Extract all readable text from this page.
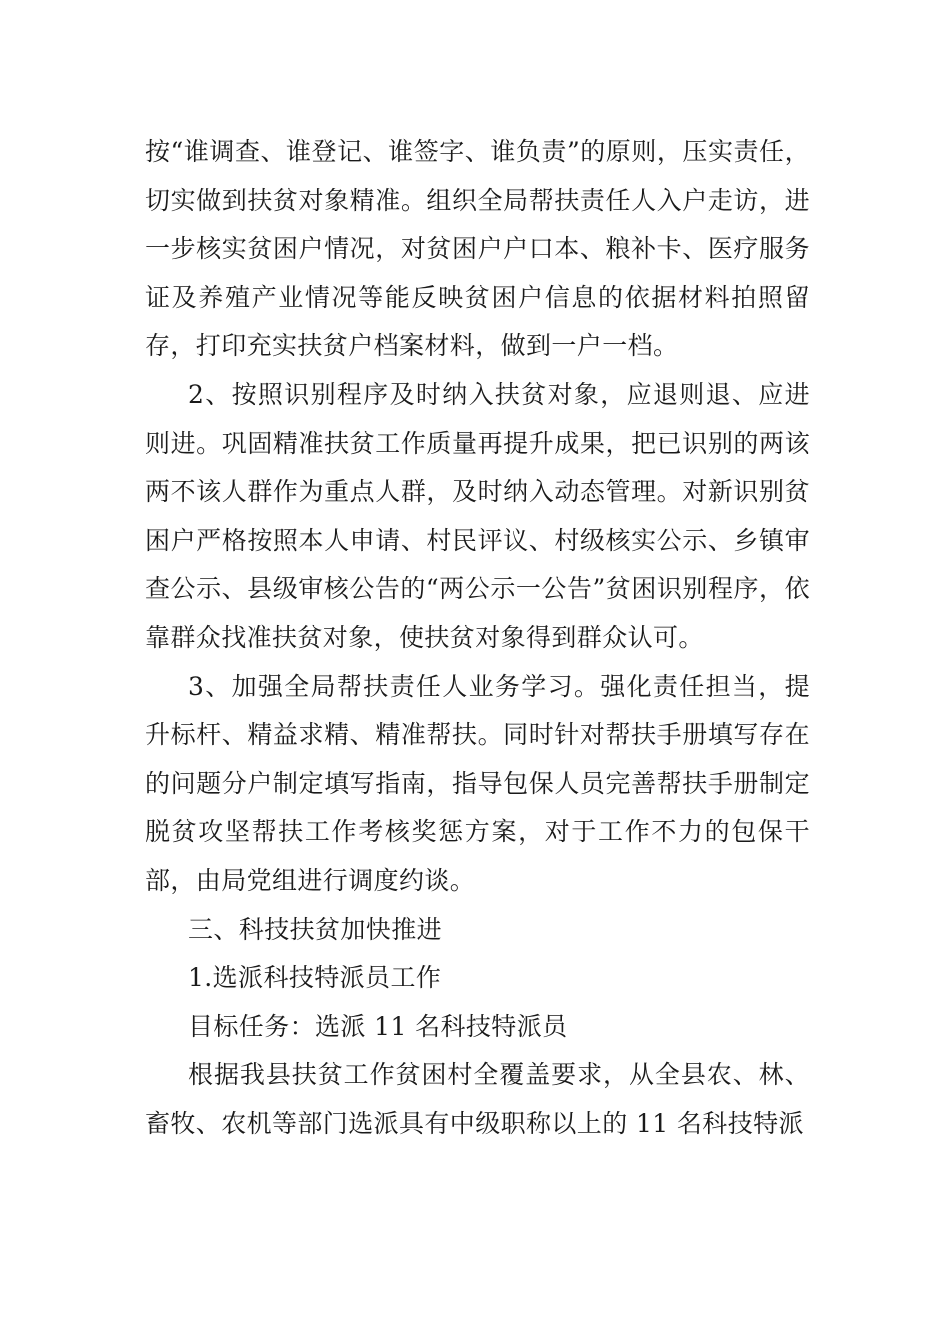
按“谁调查、谁登记、谁签字、谁负责”的原则，压实责任，切实做到扶贫对象精准。组织全局帮扶责任人入户走访，进一步核实贫困户情况，对贫困户户口本、粮补卡、医疗服务证及养殖产业情况等能反映贫困户信息的依据材料拍照留存，打印充实扶贫户档案材料，做到一户一档。

2、按照识别程序及时纳入扶贫对象，应退则退、应进则进。巩固精准扶贫工作质量再提升成果，把已识别的两该两不该人群作为重点人群，及时纳入动态管理。对新识别贫困户严格按照本人申请、村民评议、村级核实公示、乡镇审查公示、县级审核公告的“两公示一公告”贫困识别程序，依靠群众找准扶贫对象，使扶贫对象得到群众认可。

3、加强全局帮扶责任人业务学习。强化责任担当，提升标杆、精益求精、精准帮扶。同时针对帮扶手册填写存在的问题分户制定填写指南，指导包保人员完善帮扶手册制定脱贫攻坚帮扶工作考核奖惩方案，对于工作不力的包保干部，由局党组进行调度约谈。

三、科技扶贫加快推进

1.选派科技特派员工作

目标任务：选派 11 名科技特派员

根据我县扶贫工作贫困村全覆盖要求，从全县农、林、畜牧、农机等部门选派具有中级职称以上的 11 名科技特派
